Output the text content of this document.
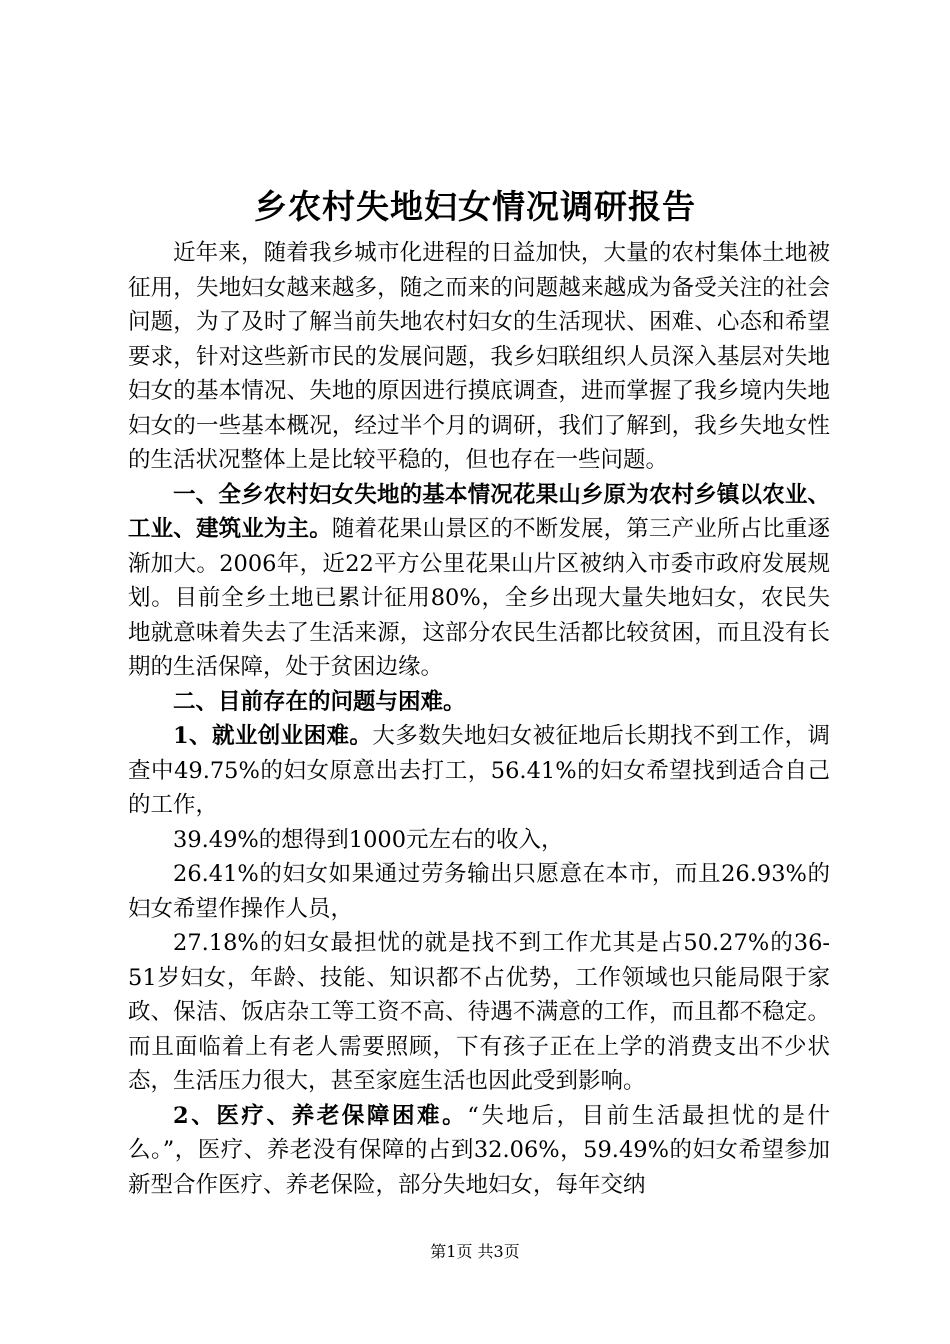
乡农村失地妇女情况调研报告

近年来，随着我乡城市化进程的日益加快，大量的农村集体土地被征用，失地妇女越来越多，随之而来的问题越来越成为备受关注的社会问题，为了及时了解当前失地农村妇女的生活现状、困难、心态和希望要求，针对这些新市民的发展问题，我乡妇联组织人员深入基层对失地妇女的基本情况、失地的原因进行摸底调查，进而掌握了我乡境内失地妇女的一些基本概况，经过半个月的调研，我们了解到，我乡失地女性的生活状况整体上是比较平稳的，但也存在一些问题。

一、全乡农村妇女失地的基本情况花果山乡原为农村乡镇以农业、工业、建筑业为主。随着花果山景区的不断发展，第三产业所占比重逐渐加大。2006年，近22平方公里花果山片区被纳入市委市政府发展规划。目前全乡土地已累计征用80%，全乡出现大量失地妇女，农民失地就意味着失去了生活来源，这部分农民生活都比较贫困，而且没有长期的生活保障，处于贫困边缘。

二、目前存在的问题与困难。

1、就业创业困难。大多数失地妇女被征地后长期找不到工作，调查中49.75%的妇女原意出去打工，56.41%的妇女希望找到适合自己的工作，

39.49%的想得到1000元左右的收入，

26.41%的妇女如果通过劳务输出只愿意在本市，而且26.93%的妇女希望作操作人员，

27.18%的妇女最担忧的就是找不到工作尤其是占50.27%的36-51岁妇女，年龄、技能、知识都不占优势，工作领域也只能局限于家政、保洁、饭店杂工等工资不高、待遇不满意的工作，而且都不稳定。而且面临着上有老人需要照顾，下有孩子正在上学的消费支出不少状态，生活压力很大，甚至家庭生活也因此受到影响。

2、医疗、养老保障困难。“失地后，目前生活最担忧的是什么。”，医疗、养老没有保障的占到32.06%，59.49%的妇女希望参加新型合作医疗、养老保险，部分失地妇女，每年交纳

第1页 共3页
